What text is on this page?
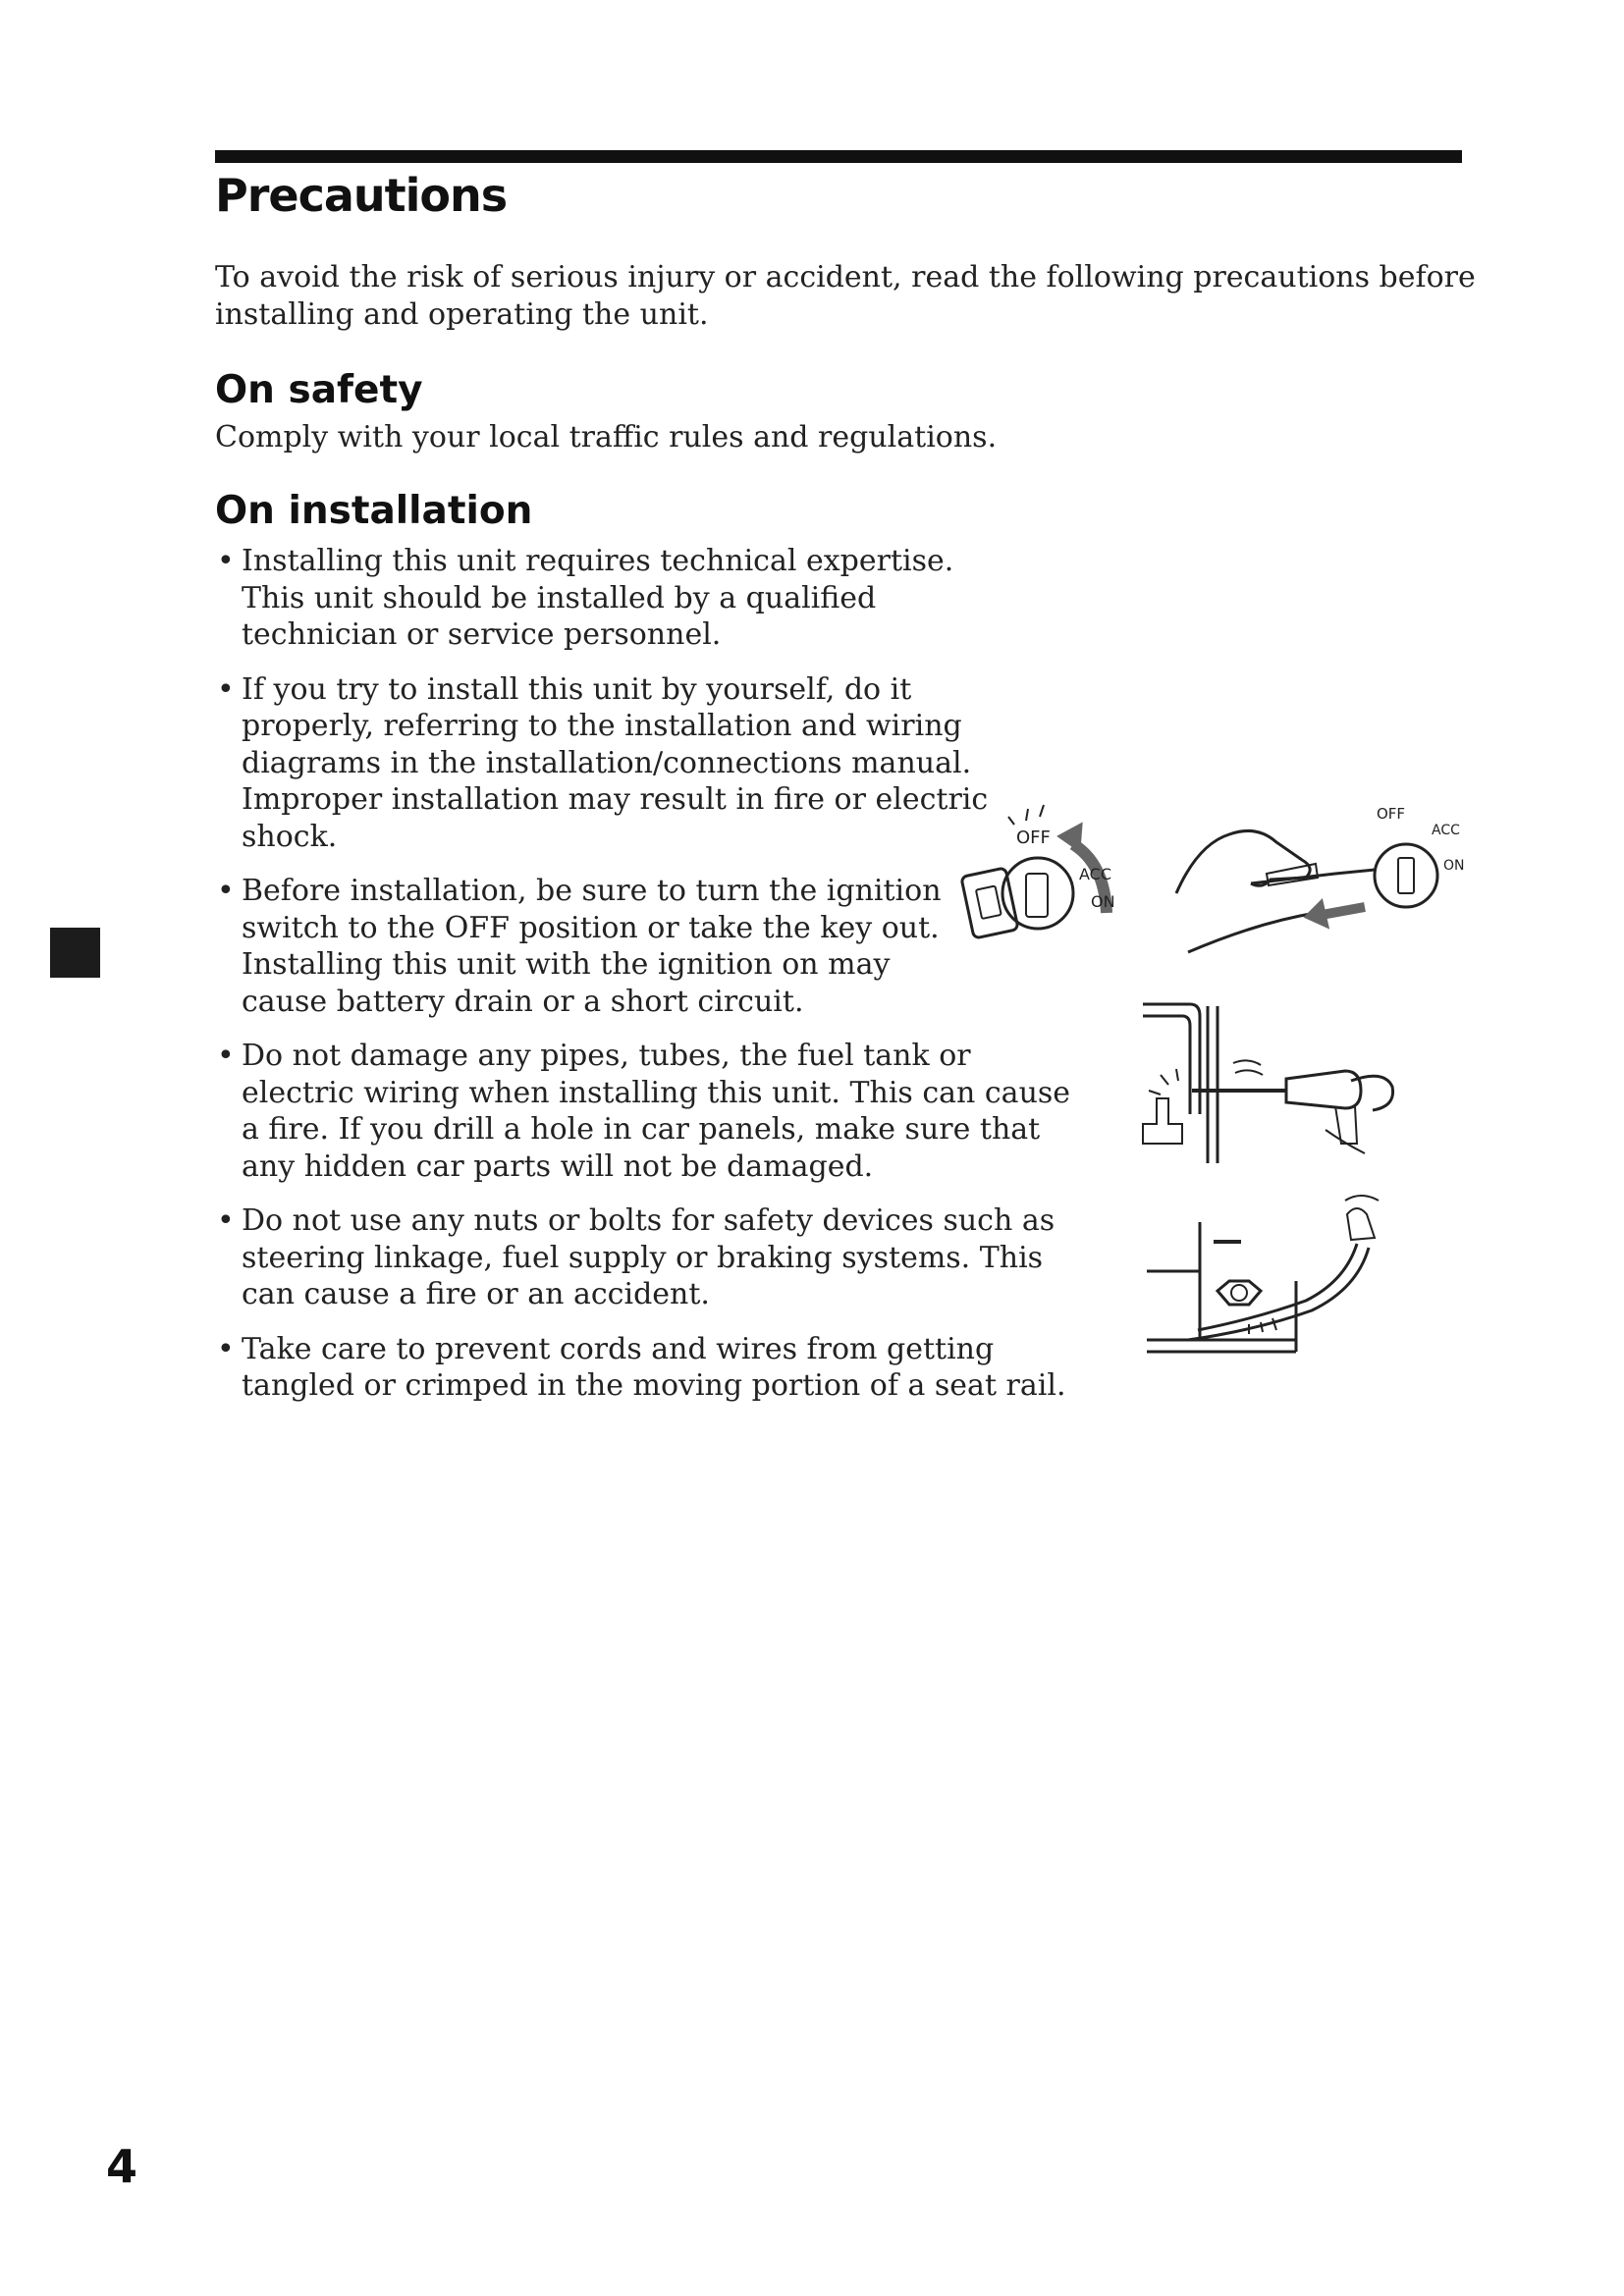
Precautions

To avoid the risk of serious injury or accident, read the following precautions before installing and operating the unit.

On safety

Comply with your local traffic rules and regulations.

On installation
• Installing this unit requires technical expertise. This unit should be installed by a qualified technician or service personnel.
• If you try to install this unit by yourself, do it properly, referring to the installation and wiring diagrams in the installation/connections manual. Improper installation may result in fire or electric shock.
• Before installation, be sure to turn the ignition switch to the OFF position or take the key out. Installing this unit with the ignition on may cause battery drain or a short circuit.
• Do not damage any pipes, tubes, the fuel tank or electric wiring when installing this unit. This can cause a fire. If you drill a hole in car panels, make sure that any hidden car parts will not be damaged.
• Do not use any nuts or bolts for safety devices such as steering linkage, fuel supply or braking systems. This can cause a fire or an accident.
• Take care to prevent cords and wires from getting tangled or crimped in the moving portion of a seat rail.
OFF
ACC
ON
OFF
ACC
ON

4
